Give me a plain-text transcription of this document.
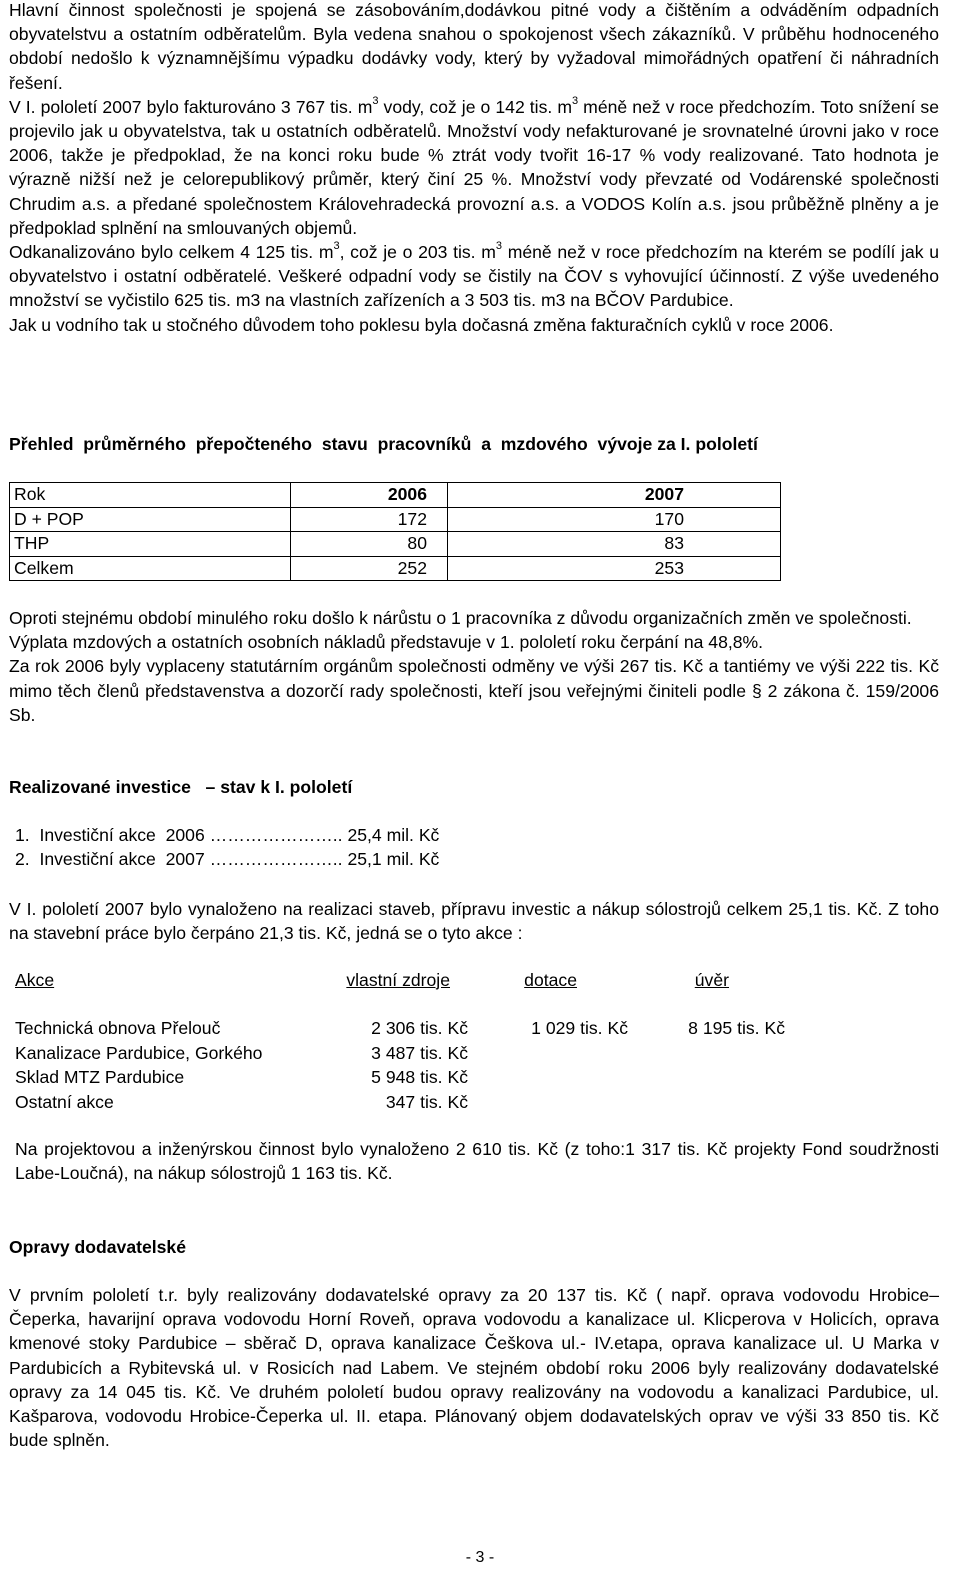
Hlavní činnost společnosti je spojená se zásobováním,dodávkou pitné vody a čištěním a odváděním odpadních obyvatelstvu a ostatním odběratelům. Byla vedena snahou o spokojenost všech zákazníků. V průběhu hodnoceného období nedošlo k významnějšímu výpadku dodávky vody, který by vyžadoval mimořádných opatření či náhradních řešení.

V I. pololetí 2007 bylo fakturováno 3 767 tis. $m^3$ vody, což je o 142 tis. $m^3$ méně než v roce předchozím. Toto snížení se projevilo jak u obyvatelstva, tak u ostatních odběratelů. Množství vody nefakturované je srovnatelné úrovni jako v roce 2006, takže je předpoklad, že na konci roku bude % ztrát vody tvořit 16-17 % vody realizované. Tato hodnota je výrazně nižší než je celorepublikový průměr, který činí 25 %. Množství vody převzaté od Vodárenské společnosti Chrudim a.s. a předané společnostem Královehradecká provozní a.s. a VODOS Kolín a.s. jsou průběžně plněny a je předpoklad splnění na smlouvaných objemů.

Odkanalizováno bylo celkem 4 125 tis. $m^3$, což je o 203 tis. $m^3$ méně než v roce předchozím na kterém se podílí jak u obyvatelstvo i ostatní odběratelé. Veškeré odpadní vody se čistily na ČOV s vyhovující účinností. Z výše uvedeného množství se vyčistilo 625 tis. m3 na vlastních zařízeních a 3 503 tis. m3 na BČOV Pardubice.

Jak u vodního tak u stočného důvodem toho poklesu byla dočasná změna fakturačních cyklů v roce 2006.

Přehled  průměrného  přepočteného  stavu  pracovníků  a  mzdového  vývoje za I. pololetí
Rok	2006	2007
D + POP	172	170
THP	80	83
Celkem	252	253

Oproti stejnému období minulého roku došlo k nárůstu o 1 pracovníka z důvodu organizačních změn ve společnosti.

Výplata mzdových a ostatních osobních nákladů představuje v 1. pololetí roku čerpání na 48,8%.

Za rok 2006 byly vyplaceny statutárním orgánům společnosti odměny ve výši 267 tis. Kč a tantiémy ve výši 222 tis. Kč mimo těch členů představenstva a dozorčí rady společnosti, kteří jsou veřejnými činiteli podle § 2 zákona č. 159/2006 Sb.

Realizované investice   – stav k I. pololetí
1.  Investiční akce  2006 ………………….. 25,4 mil. Kč
2.  Investiční akce  2007 ………………….. 25,1 mil. Kč

V I. pololetí 2007 bylo vynaloženo na realizaci staveb, přípravu investic a nákup sólostrojů celkem 25,1 tis. Kč. Z toho na stavební práce bylo čerpáno 21,3 tis. Kč, jedná se o tyto akce :

Akce	vlastní zdroje	dotace	úvěr
Technická obnova Přelouč	2 306 tis. Kč	1 029 tis. Kč	8 195 tis. Kč
Kanalizace Pardubice, Gorkého	3 487 tis. Kč
Sklad MTZ Pardubice	5 948 tis. Kč
Ostatní akce	347 tis. Kč

Na projektovou a inženýrskou činnost bylo vynaloženo 2 610 tis. Kč (z toho:1 317 tis. Kč projekty Fond soudržnosti Labe-Loučná), na nákup sólostrojů 1 163 tis. Kč.

Opravy dodavatelské

V prvním pololetí t.r. byly realizovány dodavatelské opravy za 20 137 tis. Kč ( např. oprava vodovodu Hrobice–Čeperka, havarijní oprava vodovodu Horní Roveň, oprava vodovodu a kanalizace ul. Klicperova v Holicích, oprava kmenové stoky Pardubice – sběrač D, oprava kanalizace Češkova ul.- IV.etapa, oprava kanalizace ul. U Marka v Pardubicích a Rybitevská ul. v Rosicích nad Labem. Ve stejném období roku 2006 byly realizovány dodavatelské opravy za 14 045 tis. Kč. Ve druhém pololetí budou opravy realizovány na vodovodu a kanalizaci Pardubice, ul. Kašparova, vodovodu Hrobice-Čeperka ul. II. etapa. Plánovaný objem dodavatelských oprav ve výši 33 850 tis. Kč bude splněn.

- 3 -
